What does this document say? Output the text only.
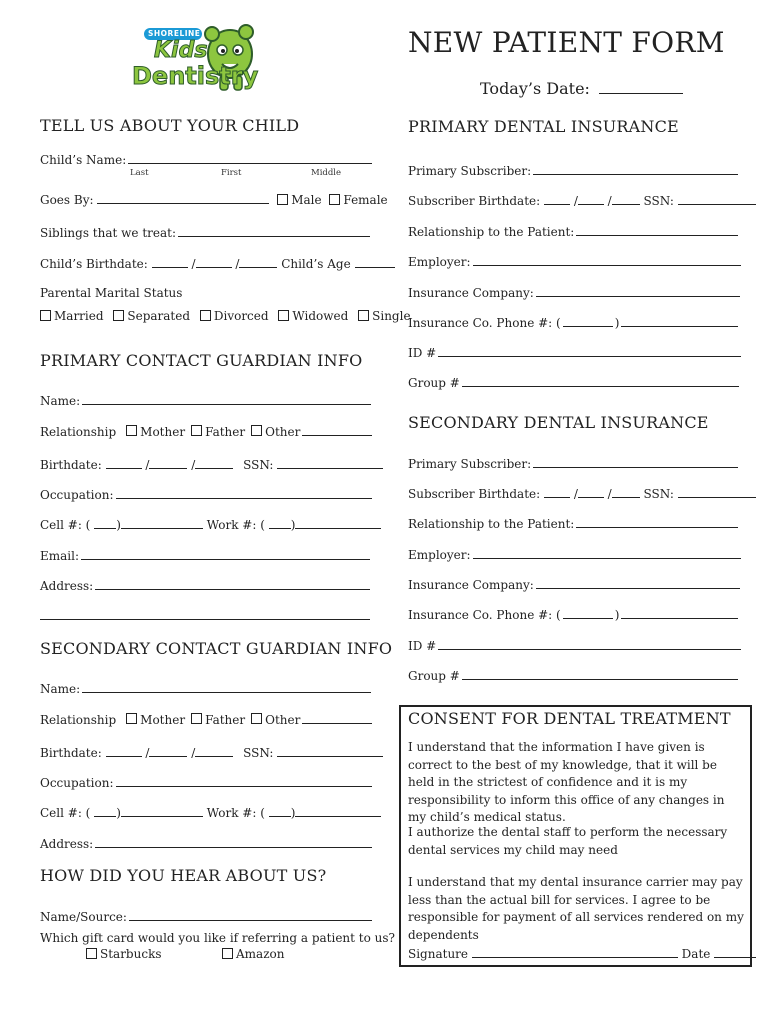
SHORELINE
Kids
Dentistry
NEW PATIENT FORM
Today’s Date:
TELL US ABOUT YOUR CHILD
Child’s Name:
Last	First	Middle
Goes By:	Male Female
Siblings that we treat:
Child’s Birthdate:	/	/	Child’s Age
Parental Marital Status
Married Separated Divorced Widowed Single
PRIMARY CONTACT GUARDIAN INFO
Name:
Relationship Mother Father Other
Birthdate:	/	/	SSN:
Occupation:
Cell #: ( )	Work #: ( )
Email:
Address:
SECONDARY CONTACT GUARDIAN INFO
Name:
Relationship Mother Father Other
Birthdate:	/	/	SSN:
Occupation:
Cell #: ( )	Work #: ( )
Address:
HOW DID YOU HEAR ABOUT US?
Name/Source:
Which gift card would you like if referring a patient to us?
Starbucks	Amazon
PRIMARY DENTAL INSURANCE
Primary Subscriber:
Subscriber Birthdate:  / /	SSN:
Relationship to the Patient:
Employer:
Insurance Company:
Insurance Co. Phone #: (	)
ID #
Group #
SECONDARY DENTAL INSURANCE
Primary Subscriber:
Subscriber Birthdate:  / /	SSN:
Relationship to the Patient:
Employer:
Insurance Company:
Insurance Co. Phone #: (	)
ID #
Group #
CONSENT FOR DENTAL TREATMENT
I understand that the information I have given is correct to the best of my knowledge, that it will be held in the strictest of confidence and it is my responsibility to inform this office of any changes in my child’s medical status.
I authorize the dental staff to perform the necessary dental services my child may need
I understand that my dental insurance carrier may pay less than the actual bill for services. I agree to be responsible for payment of all services rendered on my dependents
Signature	Date
